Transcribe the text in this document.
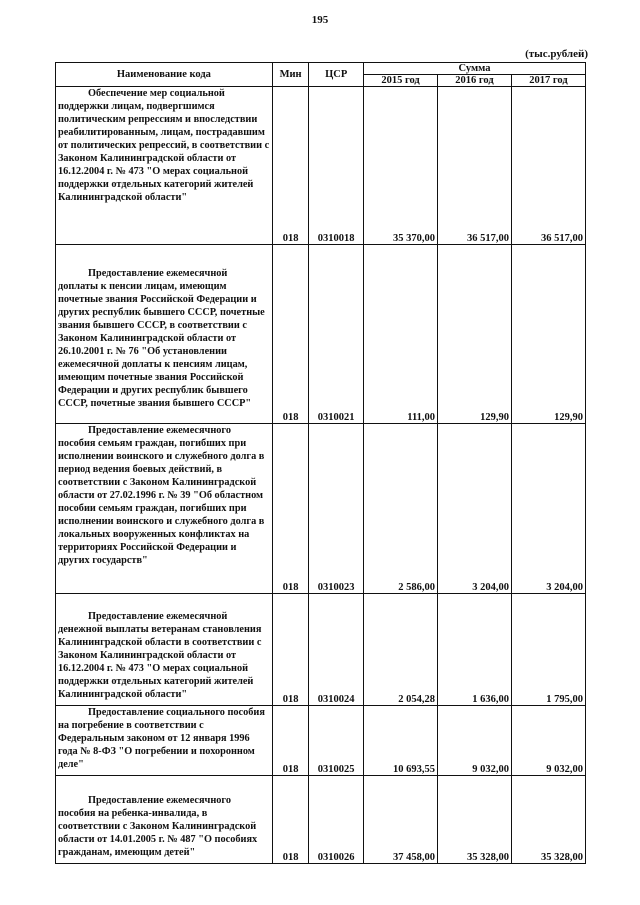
195
(тыс.рублей)
Наименование кода	Мин	ЦСР	Сумма		
			2015 год	2016 год	2017 год
Обеспечение мер социальной поддержки лицам, подвергшимся политическим репрессиям и впоследствии реабилитированным, лицам, пострадавшим от политических репрессий, в соответствии с Законом Калининградской области от 16.12.2004 г. № 473 "О мерах социальной поддержки отдельных категорий жителей Калининградской области"	018	0310018	35 370,00	36 517,00	36 517,00
Предоставление ежемесячной доплаты к пенсии лицам, имеющим почетные звания Российской Федерации и других республик бывшего СССР, почетные звания бывшего СССР, в соответствии с Законом Калининградской области от 26.10.2001 г. № 76 "Об установлении ежемесячной доплаты к пенсиям лицам, имеющим почетные звания Российской Федерации и других республик бывшего СССР, почетные звания бывшего СССР"	018	0310021	111,00	129,90	129,90
Предоставление ежемесячного пособия семьям граждан, погибших при исполнении воинского и служебного долга в период ведения боевых действий, в соответствии с Законом Калининградской области от 27.02.1996 г. № 39 "Об областном пособии семьям граждан, погибших при исполнении воинского и служебного долга в локальных вооруженных конфликтах на территориях Российской Федерации и других государств"	018	0310023	2 586,00	3 204,00	3 204,00
Предоставление ежемесячной денежной выплаты ветеранам становления Калининградской области в соответствии с Законом Калининградской области от 16.12.2004 г. № 473 "О мерах социальной поддержки отдельных категорий жителей Калининградской области"	018	0310024	2 054,28	1 636,00	1 795,00
Предоставление социального пособия на погребение в соответствии с Федеральным законом от 12 января 1996 года № 8-ФЗ "О погребении и похоронном деле"	018	0310025	10 693,55	9 032,00	9 032,00
Предоставление ежемесячного пособия на ребенка-инвалида, в соответствии с Законом Калининградской области от 14.01.2005 г. № 487 "О пособиях гражданам, имеющим детей"	018	0310026	37 458,00	35 328,00	35 328,00
